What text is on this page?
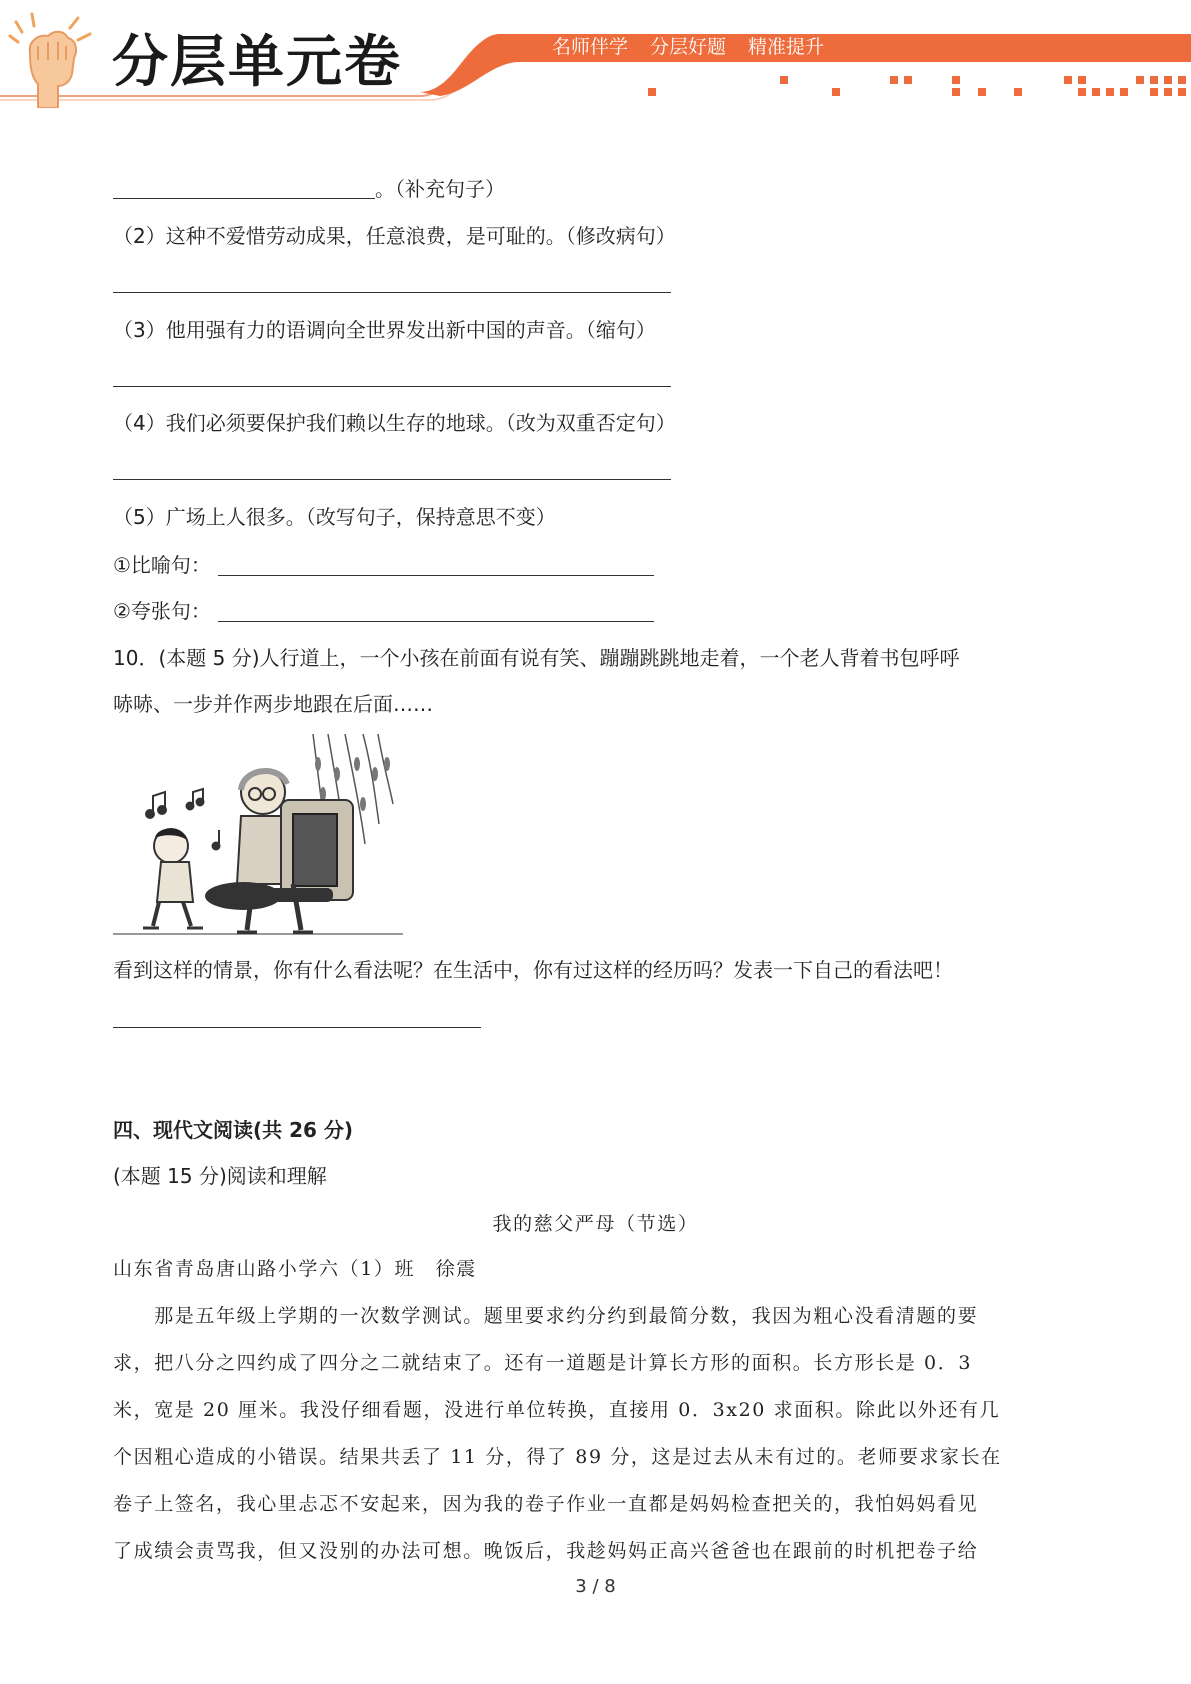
分层单元卷	名师伴学 分层好题 精准提升
。（补充句子）
（2）这种不爱惜劳动成果，任意浪费，是可耻的。（修改病句）
（3）他用强有力的语调向全世界发出新中国的声音。（缩句）
（4）我们必须要保护我们赖以生存的地球。（改为双重否定句）
（5）广场上人很多。（改写句子，保持意思不变）
①比喻句：
②夸张句：
10．(本题 5 分)人行道上，一个小孩在前面有说有笑、蹦蹦跳跳地走着，一个老人背着书包呼呼
哧哧、一步并作两步地跟在后面……
看到这样的情景，你有什么看法呢？在生活中，你有过这样的经历吗？发表一下自己的看法吧！
四、现代文阅读(共 26 分)
(本题 15 分)阅读和理解
我的慈父严母（节选）
山东省青岛唐山路小学六（1）班　徐震
　　那是五年级上学期的一次数学测试。题里要求约分约到最简分数，我因为粗心没看清题的要
求，把八分之四约成了四分之二就结束了。还有一道题是计算长方形的面积。长方形长是 0．3
米，宽是 20 厘米。我没仔细看题，没进行单位转换，直接用 0．3x20 求面积。除此以外还有几
个因粗心造成的小错误。结果共丢了 11 分，得了 89 分，这是过去从未有过的。老师要求家长在
卷子上签名，我心里忐忑不安起来，因为我的卷子作业一直都是妈妈检查把关的，我怕妈妈看见
了成绩会责骂我，但又没别的办法可想。晚饭后，我趁妈妈正高兴爸爸也在跟前的时机把卷子给
3 / 8
